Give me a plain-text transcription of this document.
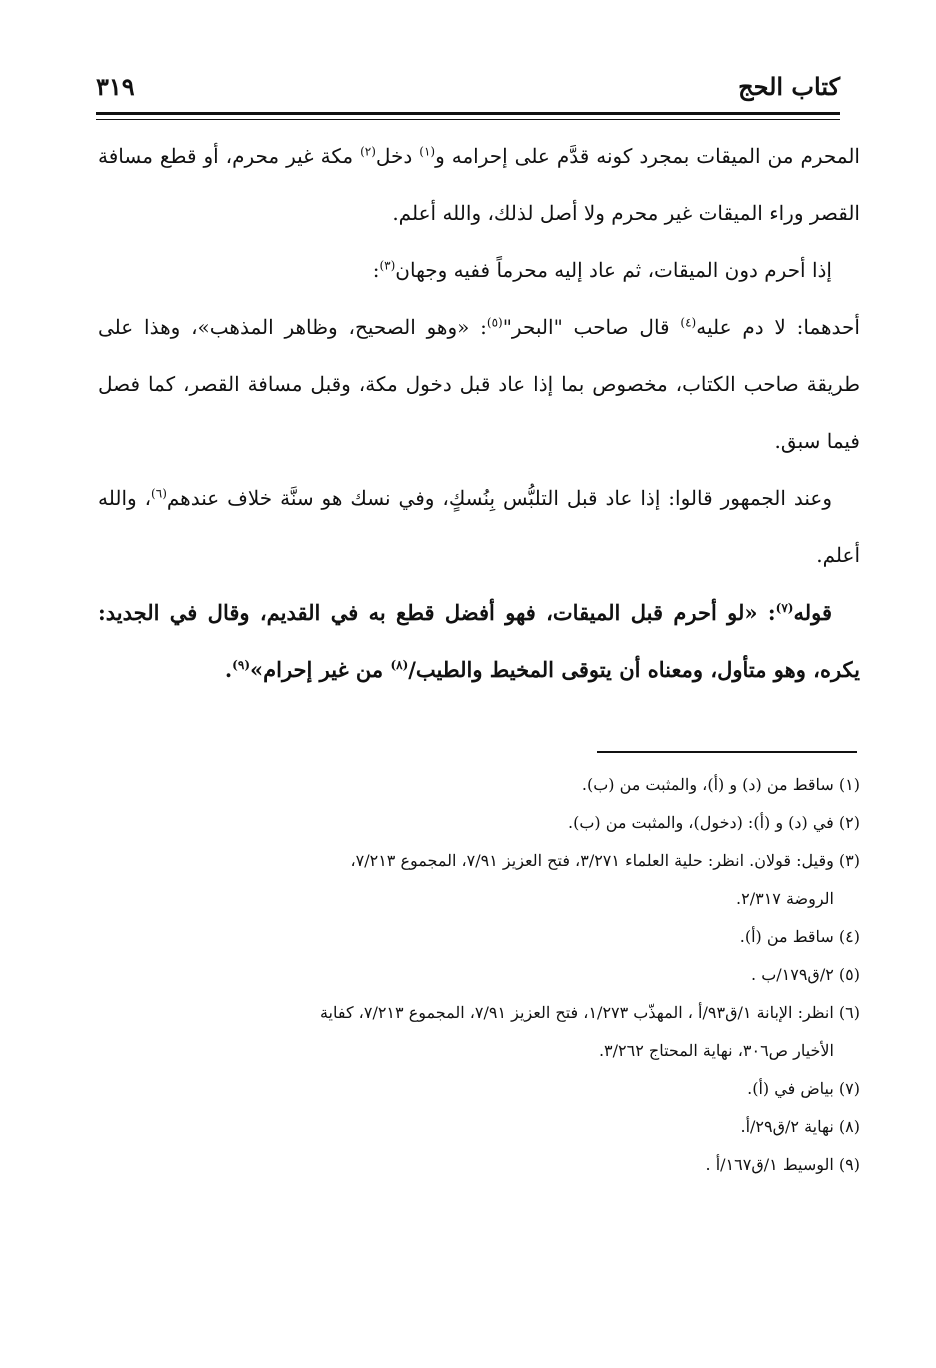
كتاب الحج
٣١٩

المحرم من الميقات بمجرد كونه قدَّم على إحرامه و$^{(١)}$ دخل$^{(٢)}$ مكة غير محرم، أو قطع مسافة القصر وراء الميقات غير محرم ولا أصل لذلك، والله أعلم.

إذا أحرم دون الميقات، ثم عاد إليه محرماً ففيه وجهان$^{(٣)}$:

أحدهما: لا دم عليه$^{(٤)}$ قال صاحب "البحر"$^{(٥)}$: «وهو الصحيح، وظاهر المذهب»، وهذا على طريقة صاحب الكتاب، مخصوص بما إذا عاد قبل دخول مكة، وقبل مسافة القصر، كما فصل فيما سبق.

وعند الجمهور قالوا: إذا عاد قبل التلبُّس بِنُسكٍ، وفي نسك هو سنَّة خلاف عندهم$^{(٦)}$، والله أعلم.

قوله$^{(٧)}$: «لو أحرم قبل الميقات، فهو أفضل قطع به في القديم، وقال في الجديد: يكره، وهو متأول، ومعناه أن يتوقى المخيط والطيب/$^{(٨)}$ من غير إحرام»$^{(٩)}$.

(١) ساقط من (د) و (أ)، والمثبت من (ب).

(٢) في (د) و (أ): (دخول)، والمثبت من (ب).

(٣) وقيل: قولان. انظر: حلية العلماء ٣/٢٧١، فتح العزيز ٧/٩١، المجموع ٧/٢١٣،

الروضة ٢/٣١٧.

(٤) ساقط من (أ).

(٥) ٢/ق١٧٩/ب .

(٦) انظر: الإبانة ١/ق٩٣/أ ، المهذّب ١/٢٧٣، فتح العزيز ٧/٩١، المجموع ٧/٢١٣، كفاية

الأخيار ص٣٠٦، نهاية المحتاج ٣/٢٦٢.

(٧) بياض في (أ).

(٨) نهاية ٢/ق٢٩/أ.

(٩) الوسيط ١/ق١٦٧/أ .
